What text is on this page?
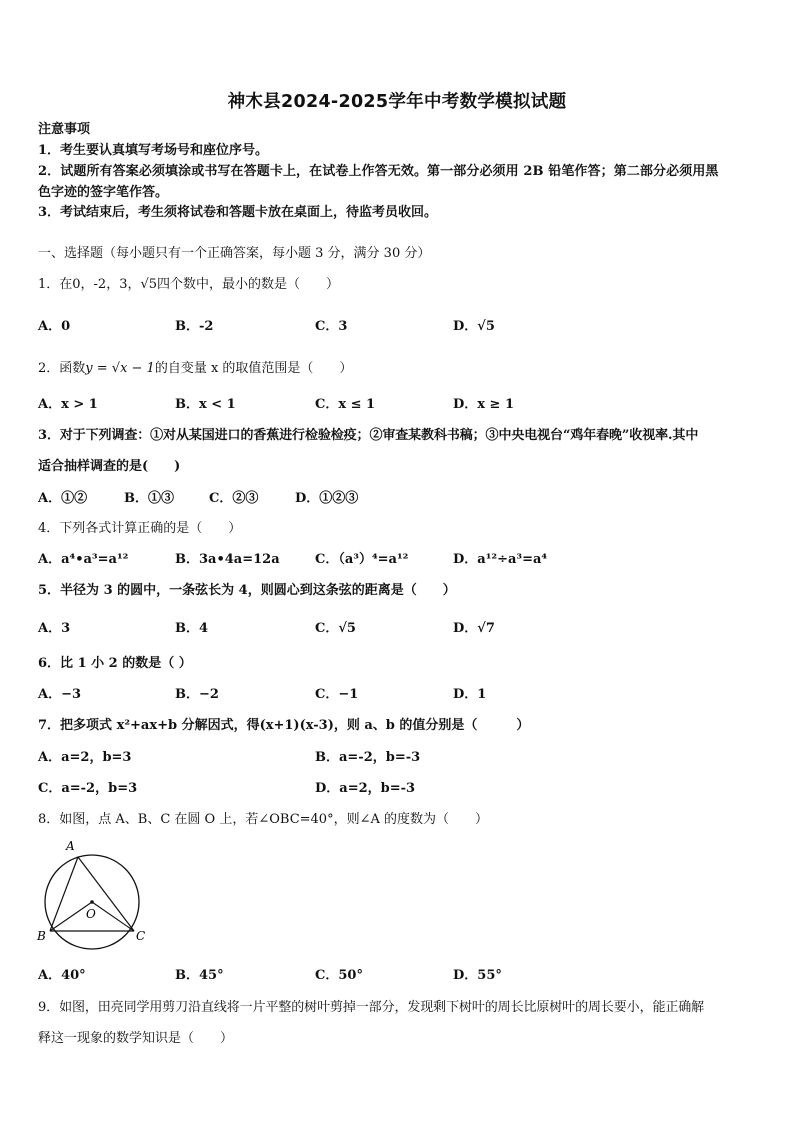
神木县2024-2025学年中考数学模拟试题
注意事项
1．考生要认真填写考场号和座位序号。
2．试题所有答案必须填涂或书写在答题卡上，在试卷上作答无效。第一部分必须用 2B 铅笔作答；第二部分必须用黑
色字迹的签字笔作答。
3．考试结束后，考生须将试卷和答题卡放在桌面上，待监考员收回。
一、选择题（每小题只有一个正确答案，每小题 3 分，满分 30 分）
1．在0，-2，3，√5四个数中，最小的数是（　　）
A．0	B．-2	C．3	D．√5
2．函数y = √x − 1的自变量 x 的取值范围是（　　）
A．x > 1	B．x < 1	C．x ≤ 1	D．x ≥ 1
3．对于下列调查：①对从某国进口的香蕉进行检验检疫；②审查某教科书稿；③中央电视台“鸡年春晚”收视率.其中
适合抽样调查的是(　　)
A．①②	B．①③	C．②③	D．①②③
4．下列各式计算正确的是（　　）
A．a⁴•a³=a¹²	B．3a•4a=12a	C．（a³）⁴=a¹²	D．a¹²÷a³=a⁴
5．半径为 3 的圆中，一条弦长为 4，则圆心到这条弦的距离是（　　）
A．3	B．4	C．√5	D．√7
6．比 1 小 2 的数是（ ）
A．−3	B．−2	C．−1	D．1
7．把多项式 x²+ax+b 分解因式，得(x+1)(x-3)，则 a、b 的值分别是（　　　）
A．a=2，b=3	B．a=-2，b=-3
C．a=-2，b=3	D．a=2，b=-3
8．如图，点 A、B、C 在圆 O 上，若∠OBC=40°，则∠A 的度数为（　　）
A
O
B	C
A．40°	B．45°	C．50°	D．55°
9．如图，田亮同学用剪刀沿直线将一片平整的树叶剪掉一部分，发现剩下树叶的周长比原树叶的周长要小，能正确解
释这一现象的数学知识是（　　）
